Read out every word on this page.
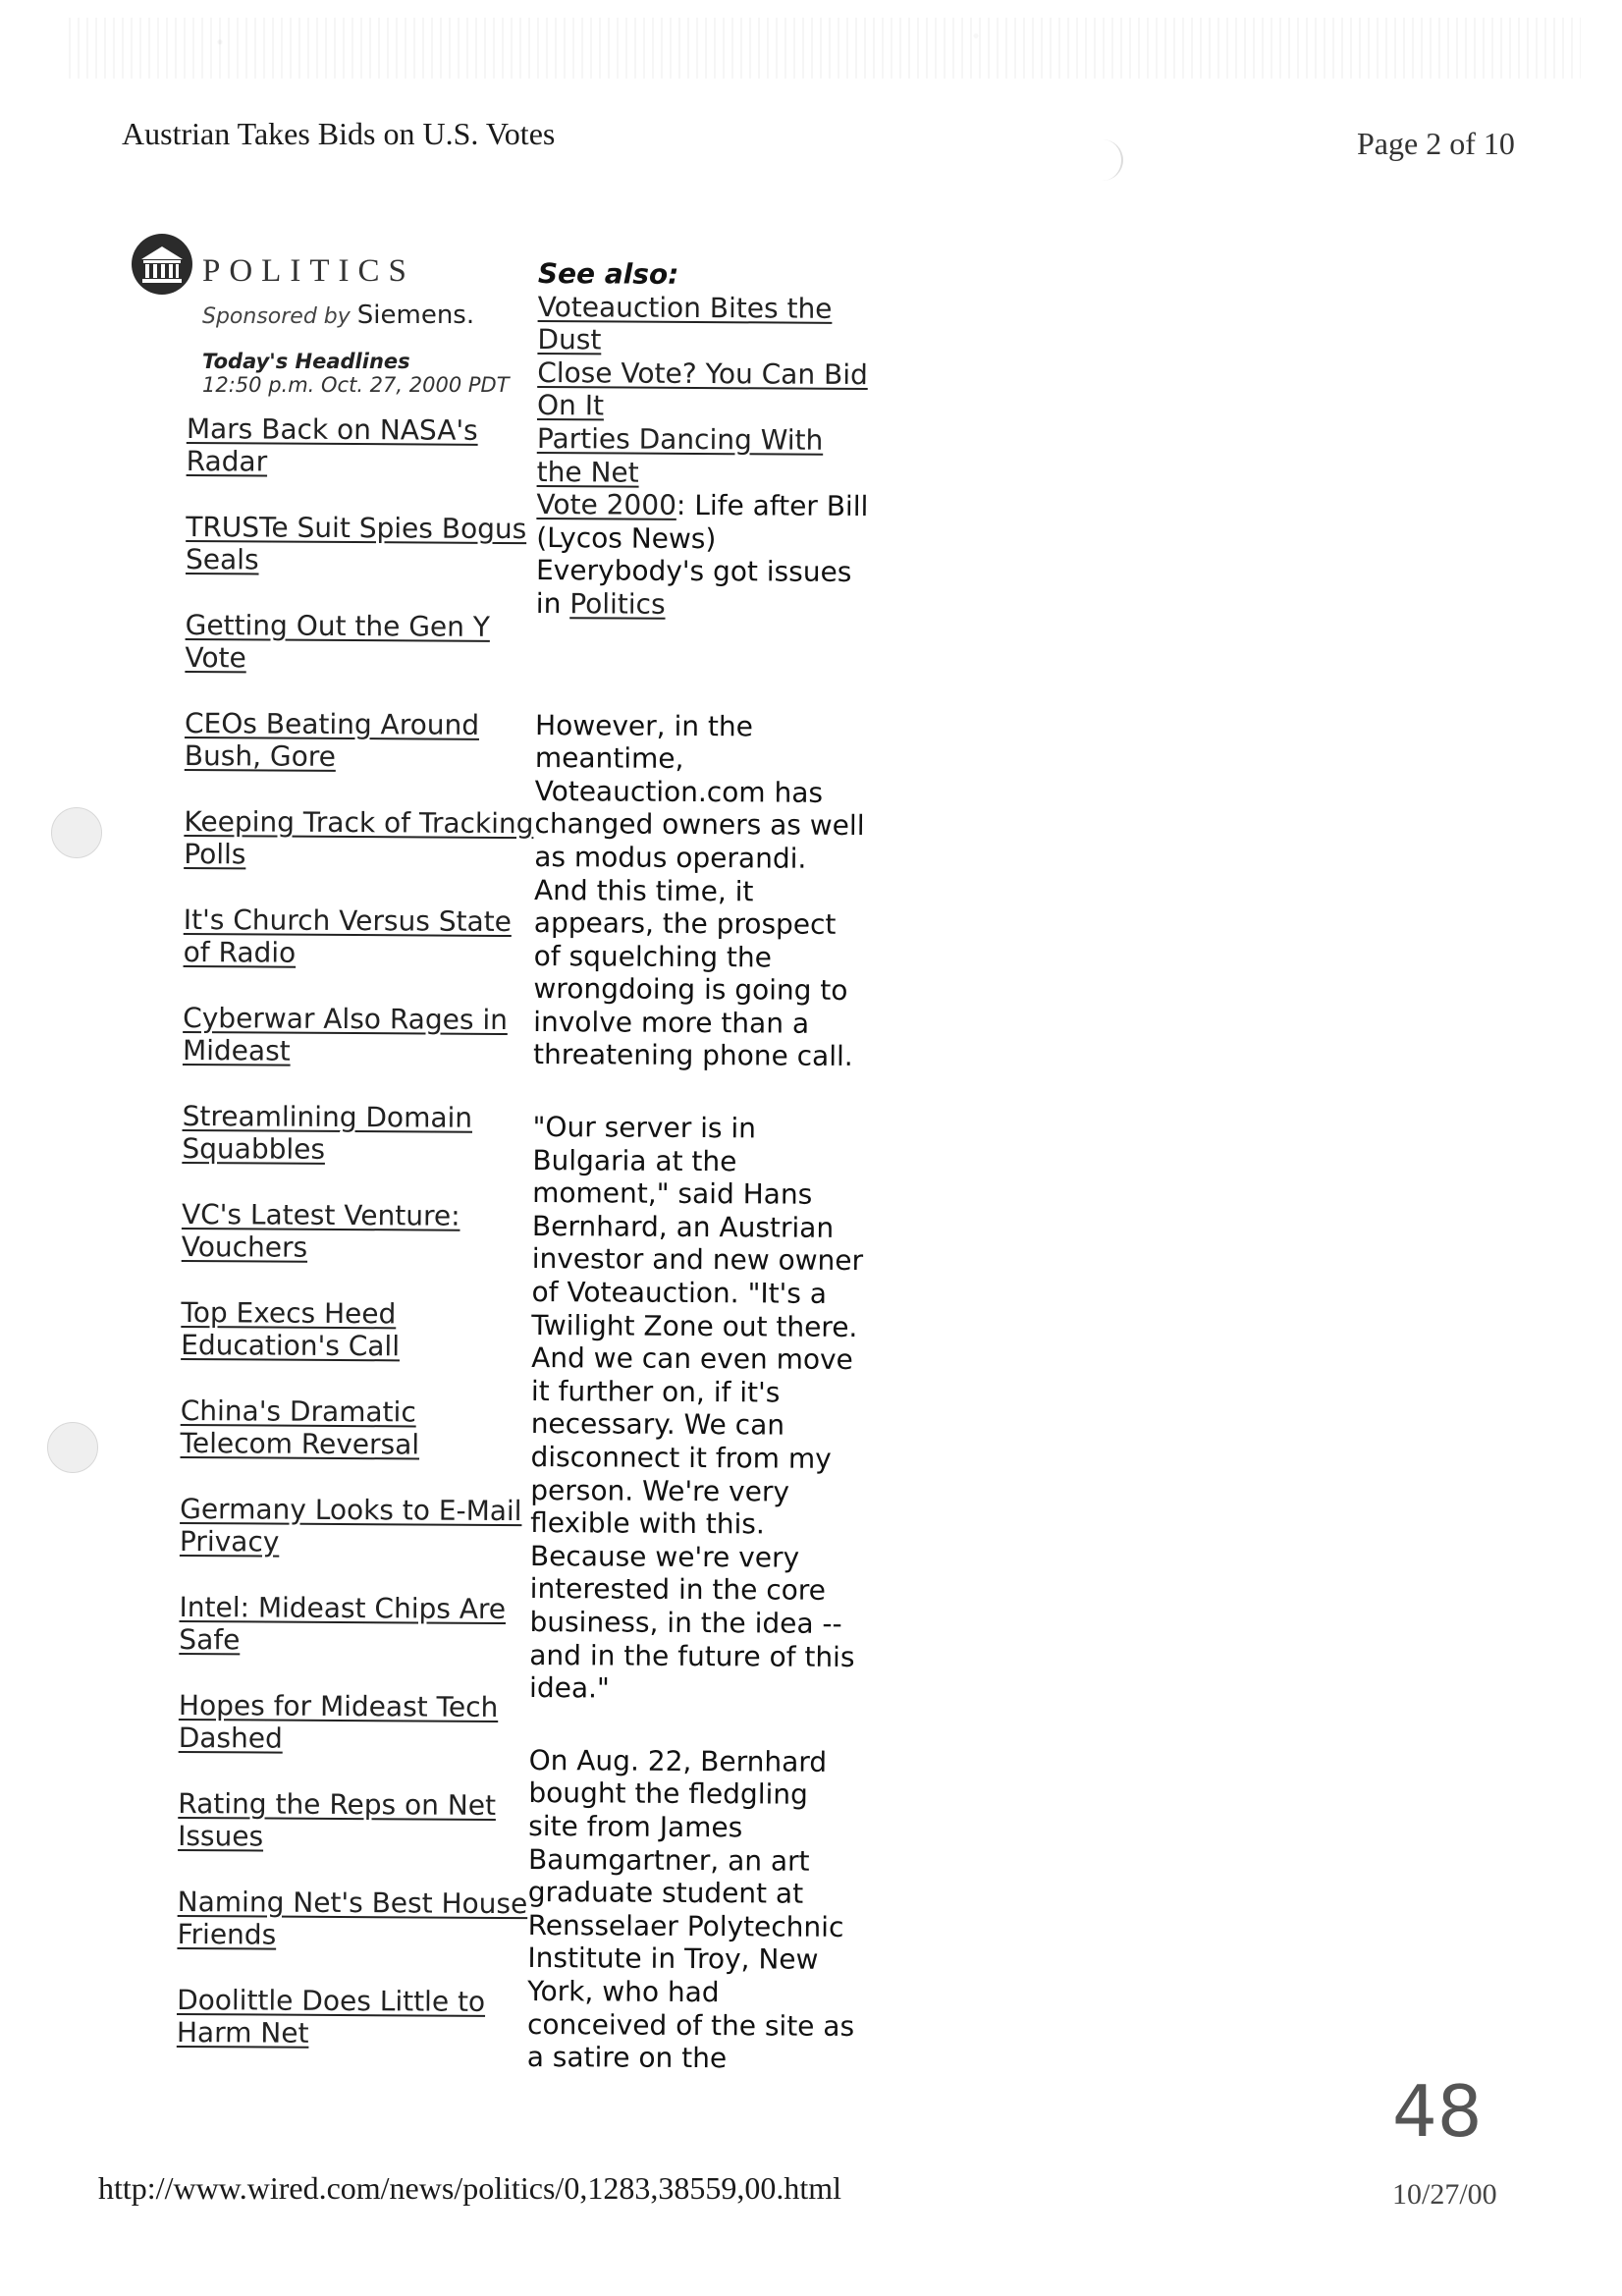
Austrian Takes Bids on U.S. Votes	Page 2 of 10
POLITICS
Sponsored by Siemens.
Today's Headlines
12:50 p.m. Oct. 27, 2000 PDT
Mars Back on NASA's Radar
TRUSTe Suit Spies Bogus Seals
Getting Out the Gen Y Vote
CEOs Beating Around Bush, Gore
Keeping Track of Tracking Polls
It's Church Versus State of Radio
Cyberwar Also Rages in Mideast
Streamlining Domain Squabbles
VC's Latest Venture: Vouchers
Top Execs Heed Education's Call
China's Dramatic Telecom Reversal
Germany Looks to E-Mail Privacy
Intel: Mideast Chips Are Safe
Hopes for Mideast Tech Dashed
Rating the Reps on Net Issues
Naming Net's Best House Friends
Doolittle Does Little to Harm Net
See also:
Voteauction Bites the Dust
Close Vote? You Can Bid On It
Parties Dancing With the Net
Vote 2000: Life after Bill (Lycos News)
Everybody's got issues in Politics

However, in the meantime, Voteauction.com has changed owners as well as modus operandi. And this time, it appears, the prospect of squelching the wrongdoing is going to involve more than a threatening phone call.

"Our server is in Bulgaria at the moment," said Hans Bernhard, an Austrian investor and new owner of Voteauction. "It's a Twilight Zone out there. And we can even move it further on, if it's necessary. We can disconnect it from my person. We're very flexible with this. Because we're very interested in the core business, in the idea -- and in the future of this idea."

On Aug. 22, Bernhard bought the fledgling site from James Baumgartner, an art graduate student at Rensselaer Polytechnic Institute in Troy, New York, who had conceived of the site as a satire on the

48
http://www.wired.com/news/politics/0,1283,38559,00.html	10/27/00
